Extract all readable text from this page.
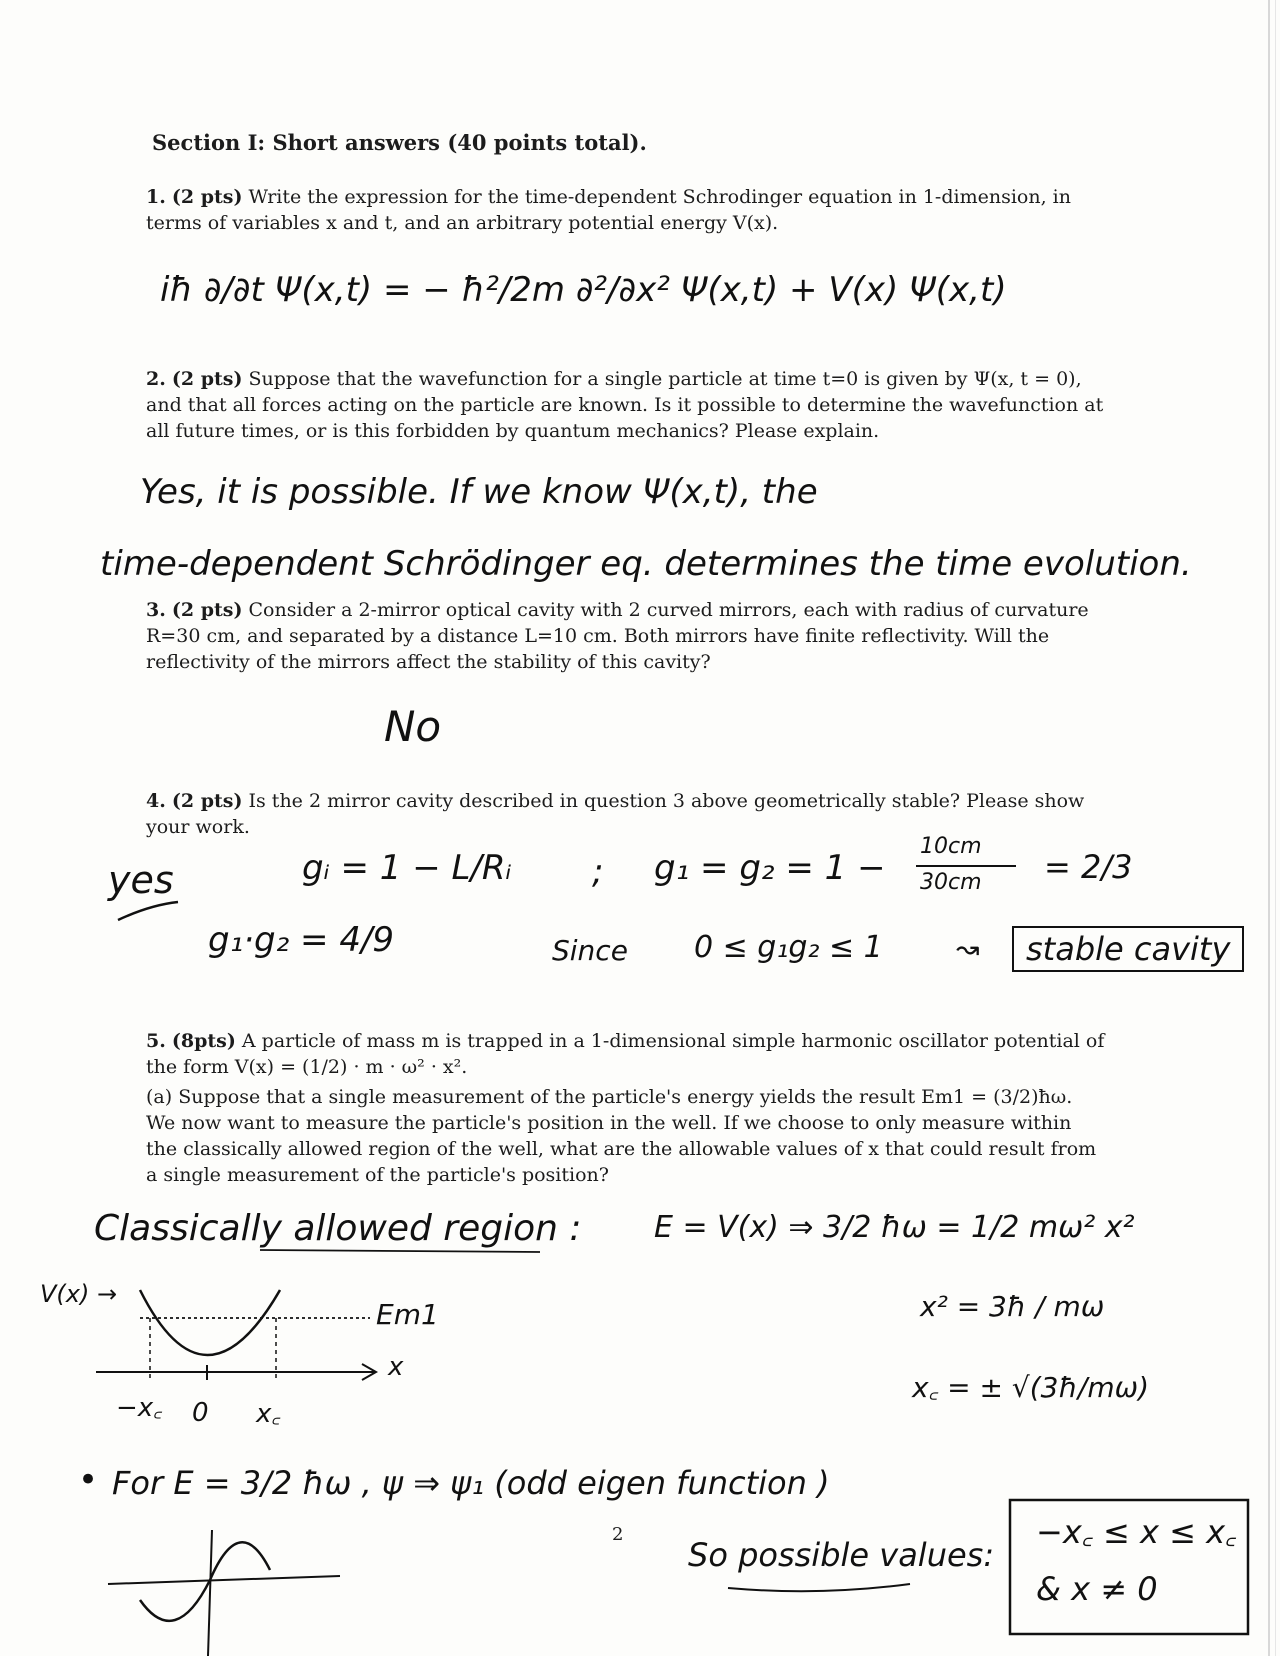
Section I: Short answers (40 points total).
1. (2 pts) Write the expression for the time-dependent Schrodinger equation in 1-dimension, in terms of variables x and t, and an arbitrary potential energy V(x).
iħ ∂/∂t Ψ(x,t) = − ħ²/2m ∂²/∂x² Ψ(x,t) + V(x) Ψ(x,t)
2. (2 pts) Suppose that the wavefunction for a single particle at time t=0 is given by Ψ(x, t = 0), and that all forces acting on the particle are known. Is it possible to determine the wavefunction at all future times, or is this forbidden by quantum mechanics? Please explain.
Yes, it is possible. If we know Ψ(x,t), the
time-dependent Schrödinger eq. determines the time evolution.
3. (2 pts) Consider a 2-mirror optical cavity with 2 curved mirrors, each with radius of curvature R=30 cm, and separated by a distance L=10 cm. Both mirrors have finite reflectivity. Will the reflectivity of the mirrors affect the stability of this cavity?
No
4. (2 pts) Is the 2 mirror cavity described in question 3 above geometrically stable? Please show your work.
yes	gᵢ = 1 − L/Rᵢ ; g₁ = g₂ = 1 −
10cm
30cm = 2/3
g₁·g₂ = 4/9	Since 0 ≤ g₁g₂ ≤ 1	↝	stable cavity
5. (8pts) A particle of mass m is trapped in a 1-dimensional simple harmonic oscillator potential of the form V(x) = (1/2) · m · ω² · x².
(a) Suppose that a single measurement of the particle's energy yields the result Em1 = (3/2)ħω. We now want to measure the particle's position in the well. If we choose to only measure within the classically allowed region of the well, what are the allowable values of x that could result from a single measurement of the particle's position?
Classically allowed region : E = V(x) ⇒ 3/2 ħω = 1/2 mω² x²
x² = 3ħ / mω
x꜀ = ± √(3ħ/mω)
V(x) →
Em1
x
−x꜀ 0 x꜀
• For E = 3/2 ħω , ψ ⇒ ψ₁ (odd eigen function )
So possible values:
−x꜀ ≤ x ≤ x꜀
& x ≠ 0
2
